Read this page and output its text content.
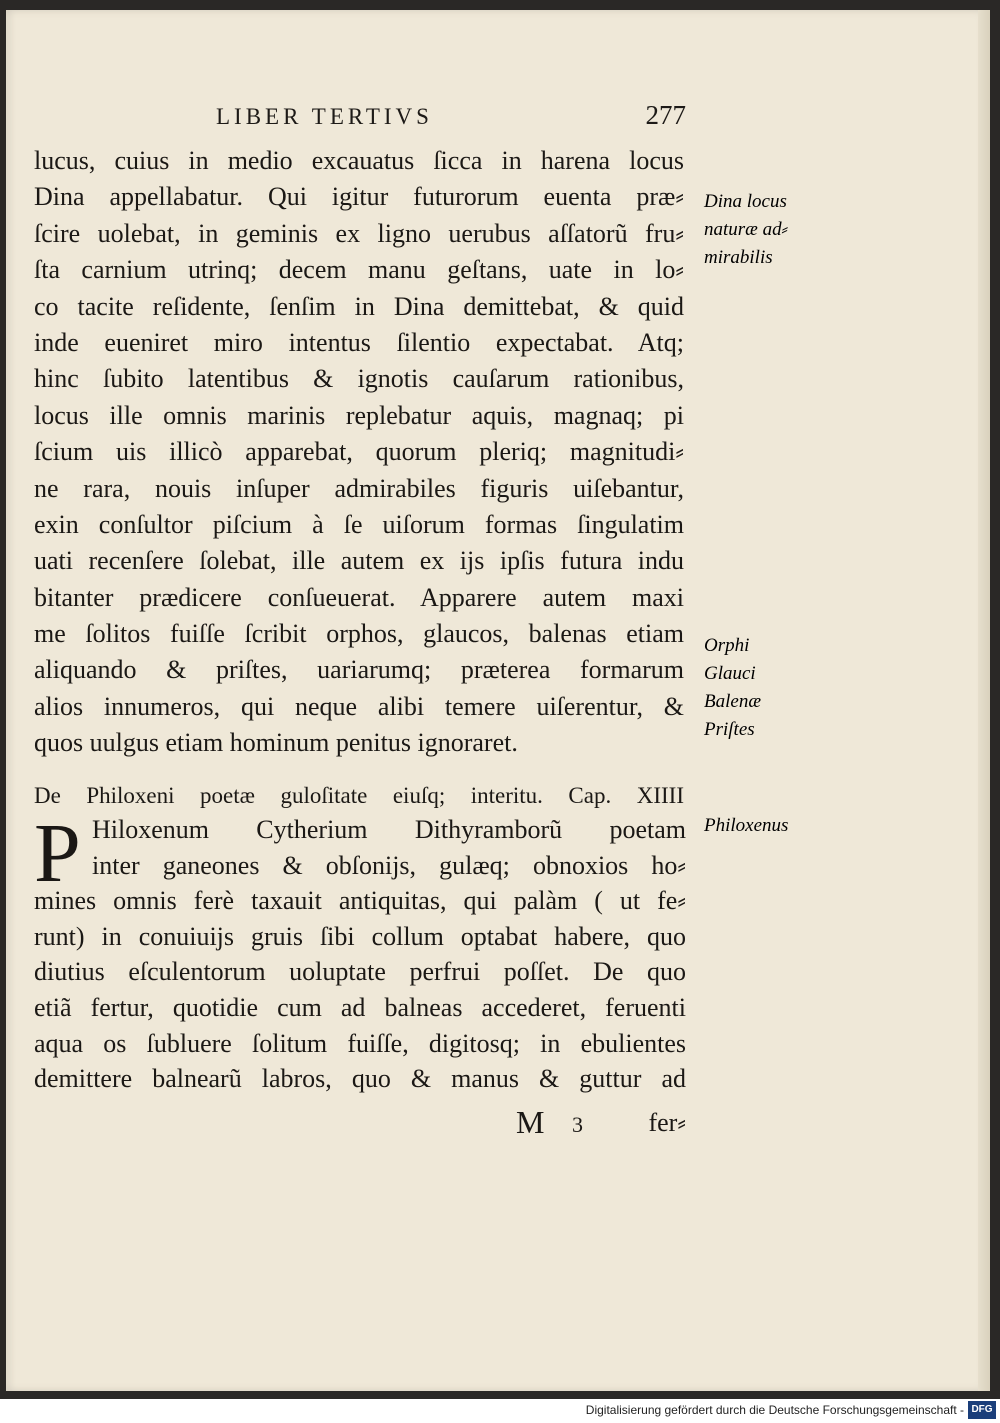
LIBER TERTIVS	277
lucus, cuius in medio excauatus ſicca in harena locus
Dina appellabatur. Qui igitur futurorum euenta præ⸗
ſcire uolebat, in geminis ex ligno uerubus aſſatorũ fru⸗
ſta carnium utrinq; decem manu geſtans, uate in lo⸗
co tacite reſidente, ſenſim in Dina demittebat, & quid
inde eueniret miro intentus ſilentio expectabat. Atq;
hinc ſubito latentibus & ignotis cauſarum rationibus,
locus ille omnis marinis replebatur aquis, magnaq; pi
ſcium uis illicò apparebat, quorum pleriq; magnitudi⸗
ne rara, nouis inſuper admirabiles figuris uiſebantur,
exin conſultor piſcium à ſe uiſorum formas ſingulatim
uati recenſere ſolebat, ille autem ex ijs ipſis futura indu
bitanter prædicere conſueuerat. Apparere autem maxi
me ſolitos fuiſſe ſcribit orphos, glaucos, balenas etiam
aliquando & priſtes, uariarumq; præterea formarum
alios innumeros, qui neque alibi temere uiſerentur, &
quos uulgus etiam hominum penitus ignoraret.
De Philoxeni poetæ guloſitate eiuſq; interitu. Cap. XIIII
P Hiloxenum Cytherium Dithyramborũ poetam
inter ganeones & obſonijs, gulæq; obnoxios ho⸗
mines omnis ferè taxauit antiquitas, qui palàm ( ut fe⸗
runt) in conuiuijs gruis ſibi collum optabat habere, quo
diutius eſculentorum uoluptate perfrui poſſet. De quo
etiã fertur, quotidie cum ad balneas accederet, feruenti
aqua os ſubluere ſolitum fuiſſe, digitosq; in ebulientes
demittere balnearũ labros, quo & manus & guttur ad
M 3	fer⸗
Dina locus
naturæ ad⸗
mirabilis
Orphi
Glauci
Balenæ
Priſtes
Philoxenus
Digitalisierung gefördert durch die Deutsche Forschungsgemeinschaft - DFG
